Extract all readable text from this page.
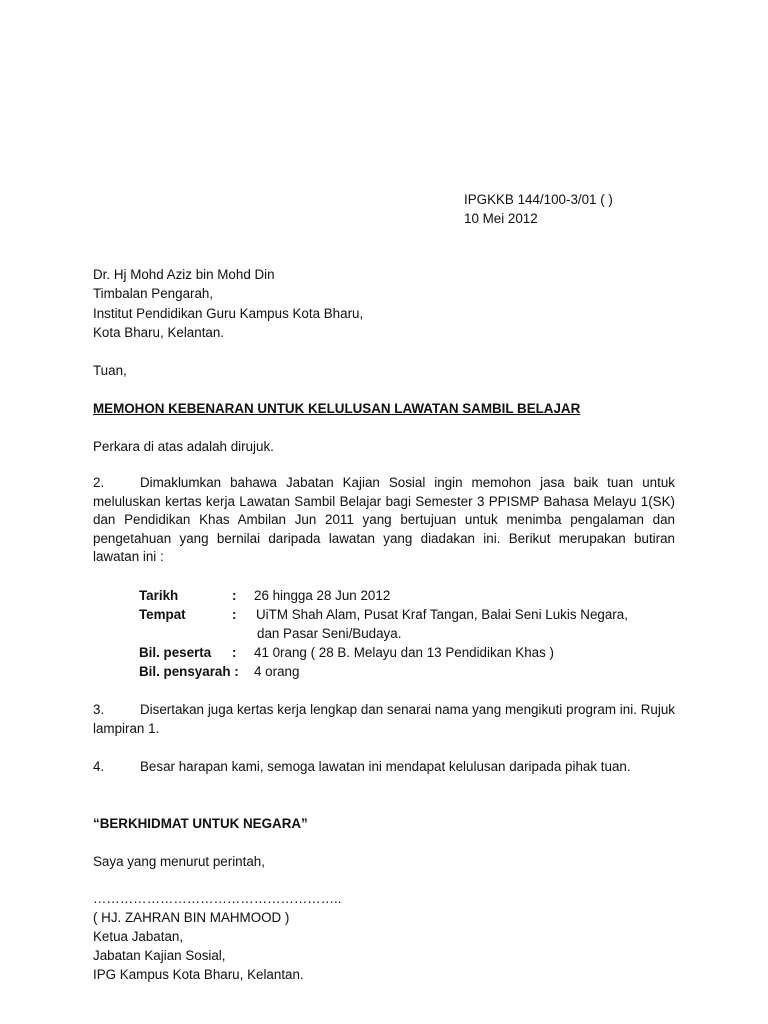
IPGKKB 144/100-3/01 ( )
10 Mei 2012
Dr. Hj Mohd Aziz bin Mohd Din
Timbalan Pengarah,
Institut Pendidikan Guru Kampus Kota Bharu,
Kota Bharu, Kelantan.
Tuan,
MEMOHON KEBENARAN UNTUK KELULUSAN LAWATAN SAMBIL BELAJAR
Perkara di atas adalah dirujuk.
2.	Dimaklumkan bahawa Jabatan Kajian Sosial ingin memohon jasa baik tuan untuk meluluskan kertas kerja Lawatan Sambil Belajar bagi Semester 3 PPISMP Bahasa Melayu 1(SK) dan Pendidikan Khas Ambilan Jun 2011 yang bertujuan untuk menimba pengalaman dan pengetahuan yang bernilai daripada lawatan yang diadakan ini. Berikut merupakan butiran lawatan ini :
Tarikh	:	26 hingga 28 Jun 2012
Tempat	:	UiTM Shah Alam, Pusat Kraf Tangan, Balai Seni Lukis Negara,
dan Pasar Seni/Budaya.
Bil. peserta	:	41 0rang ( 28 B. Melayu dan 13 Pendidikan Khas )
Bil. pensyarah :	4 orang
3.	Disertakan juga kertas kerja lengkap dan senarai nama yang mengikuti program ini. Rujuk lampiran 1.
4.	Besar harapan kami, semoga lawatan ini mendapat kelulusan daripada pihak tuan.
“BERKHIDMAT UNTUK NEGARA”
Saya yang menurut perintah,
………………………………………………..
( HJ. ZAHRAN BIN MAHMOOD )
Ketua Jabatan,
Jabatan Kajian Sosial,
IPG Kampus Kota Bharu, Kelantan.
